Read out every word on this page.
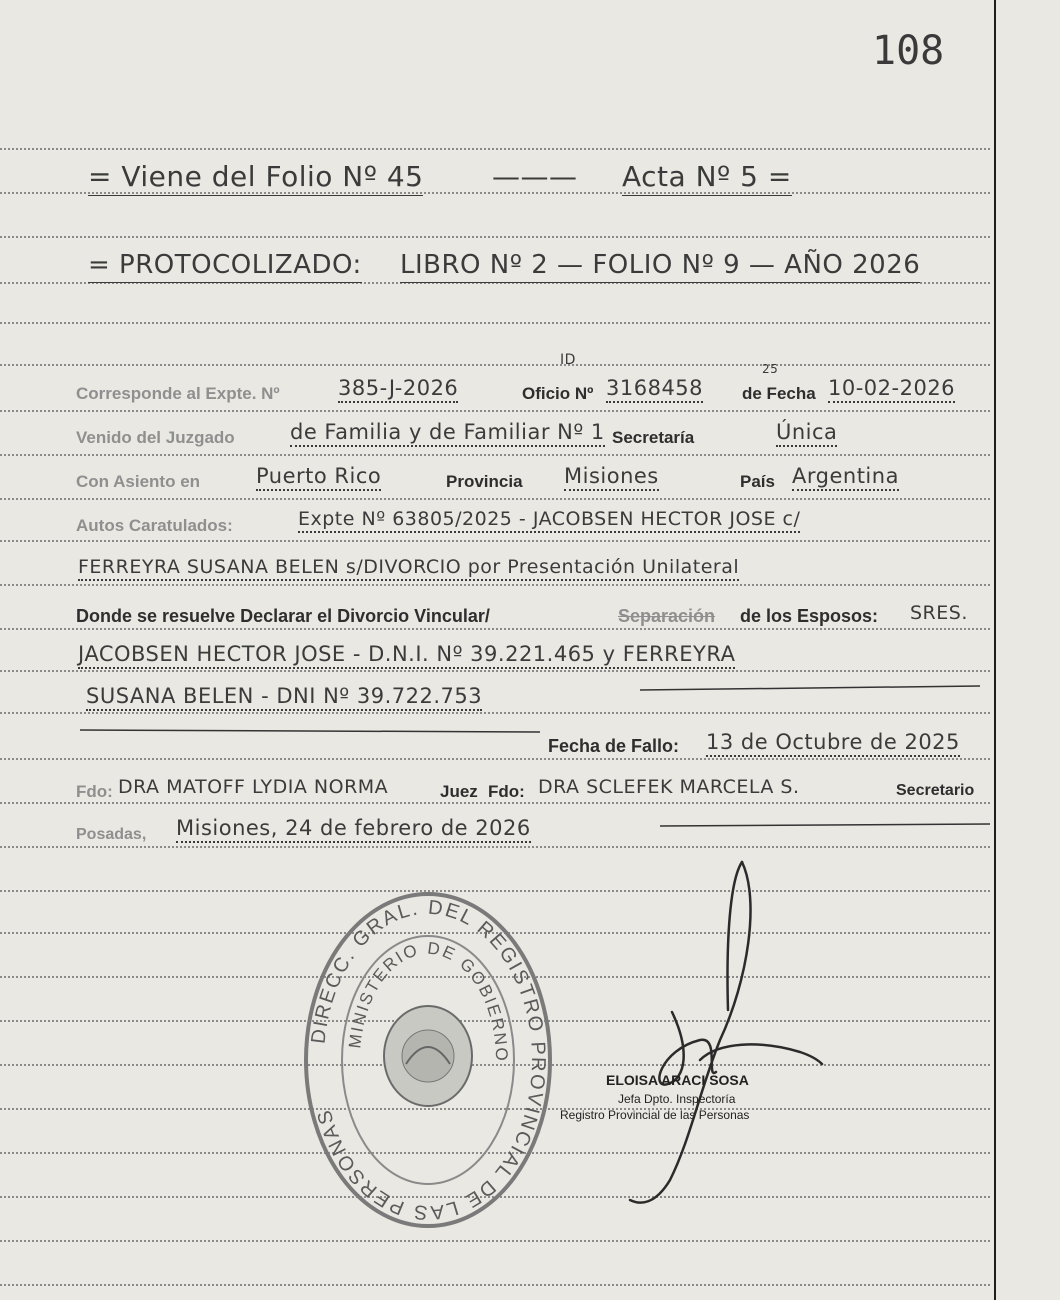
108
= Viene del Folio Nº 45 ——— Acta Nº 5 =
= PROTOCOLIZADO: LIBRO Nº 2 — FOLIO Nº 9 — AÑO 2026
ID
25
Corresponde al Expte. Nº	385-J-2026	Oficio Nº 3168458 de Fecha 10-02-2026
Venido del Juzgado	de Familia y de Familiar Nº 1 Secretaría	Única
Con Asiento en	Puerto Rico	Provincia Misiones	País Argentina
Autos Caratulados:	Expte Nº 63805/2025 - JACOBSEN HECTOR JOSE c/
FERREYRA SUSANA BELEN s/DIVORCIO por Presentación Unilateral
Donde se resuelve Declarar el Divorcio Vincular/	Separación de los Esposos: SRES.
JACOBSEN HECTOR JOSE - D.N.I. Nº 39.221.465 y FERREYRA
SUSANA BELEN - DNI Nº 39.722.753
Fecha de Fallo: 13 de Octubre de 2025
Fdo: DRA MATOFF LYDIA NORMA	Juez Fdo: DRA SCLEFEK MARCELA S.	Secretario
Posadas, Misiones, 24 de febrero de 2026
DIRECC. GRAL. DEL REGISTRO PROVINCIAL DE LAS PERSONAS
MINISTERIO DE GOBIERNO
ELOISA ARACI SOSA
Jefa Dpto. Inspectoría
Registro Provincial de las Personas
